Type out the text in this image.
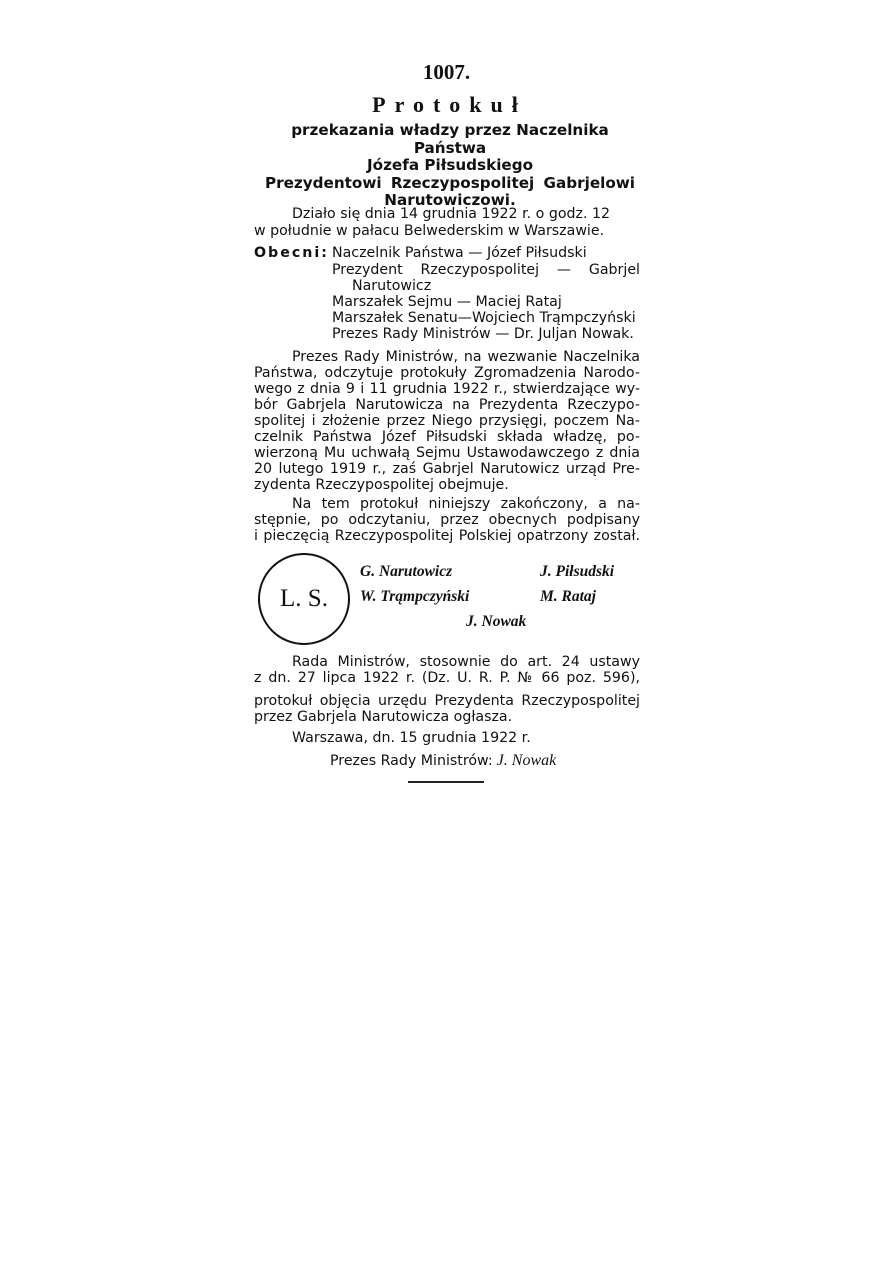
1007.
Protokuł
przekazania władzy przez Naczelnika Państwa
Józefa Piłsudskiego
Prezydentowi Rzeczypospolitej Gabrjelowi
Narutowiczowi.
Działo się dnia 14 grudnia 1922 r. o godz. 12
w południe w pałacu Belwederskim w Warszawie.
Obecni: Naczelnik Państwa — Józef Piłsudski
Prezydent Rzeczypospolitej — Gabrjel
Narutowicz
Marszałek Sejmu — Maciej Rataj
Marszałek Senatu—Wojciech Trąmpczyński
Prezes Rady Ministrów — Dr. Juljan Nowak.
Prezes Rady Ministrów, na wezwanie Naczelnika
Państwa, odczytuje protokuły Zgromadzenia Narodo-
wego z dnia 9 i 11 grudnia 1922 r., stwierdzające wy-
bór Gabrjela Narutowicza na Prezydenta Rzeczypo-
spolitej i złożenie przez Niego przysięgi, poczem Na-
czelnik Państwa Józef Piłsudski składa władzę, po-
wierzoną Mu uchwałą Sejmu Ustawodawczego z dnia
20 lutego 1919 r., zaś Gabrjel Narutowicz urząd Pre-
zydenta Rzeczypospolitej obejmuje.
Na tem protokuł niniejszy zakończony, a na-
stępnie, po odczytaniu, przez obecnych podpisany
i pieczęcią Rzeczypospolitej Polskiej opatrzony został.
L. S.
G. Narutowicz	J. Piłsudski
W. Trąmpczyński	M. Rataj
J. Nowak
Rada Ministrów, stosownie do art. 24 ustawy
z dn. 27 lipca 1922 r. (Dz. U. R. P. № 66 poz. 596),
protokuł objęcia urzędu Prezydenta Rzeczypospolitej
przez Gabrjela Narutowicza ogłasza.
Warszawa, dn. 15 grudnia 1922 r.
Prezes Rady Ministrów: J. Nowak
